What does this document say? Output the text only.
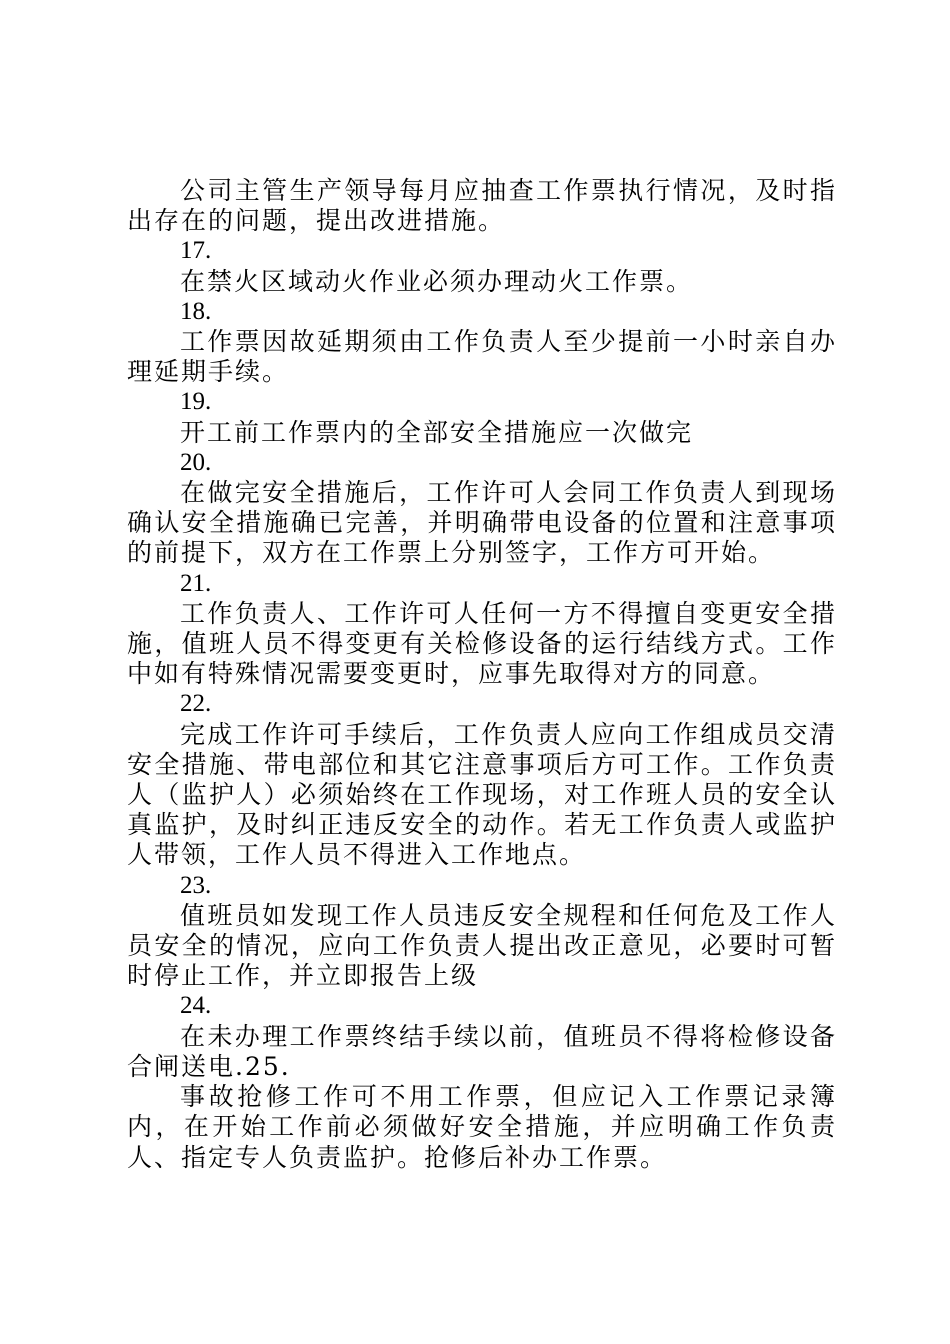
公司主管生产领导每月应抽查工作票执行情况，及时指出存在的问题，提出改进措施。
17.
在禁火区域动火作业必须办理动火工作票。
18.
工作票因故延期须由工作负责人至少提前一小时亲自办理延期手续。
19.
开工前工作票内的全部安全措施应一次做完
20.
在做完安全措施后，工作许可人会同工作负责人到现场确认安全措施确已完善，并明确带电设备的位置和注意事项的前提下，双方在工作票上分别签字，工作方可开始。
21.
工作负责人、工作许可人任何一方不得擅自变更安全措施，值班人员不得变更有关检修设备的运行结线方式。工作中如有特殊情况需要变更时，应事先取得对方的同意。
22.
完成工作许可手续后，工作负责人应向工作组成员交清安全措施、带电部位和其它注意事项后方可工作。工作负责人（监护人）必须始终在工作现场，对工作班人员的安全认真监护，及时纠正违反安全的动作。若无工作负责人或监护人带领，工作人员不得进入工作地点。
23.
值班员如发现工作人员违反安全规程和任何危及工作人员安全的情况，应向工作负责人提出改正意见，必要时可暂时停止工作，并立即报告上级
24.
在未办理工作票终结手续以前，值班员不得将检修设备合闸送电.25.
事故抢修工作可不用工作票，但应记入工作票记录簿内，在开始工作前必须做好安全措施，并应明确工作负责人、指定专人负责监护。抢修后补办工作票。
